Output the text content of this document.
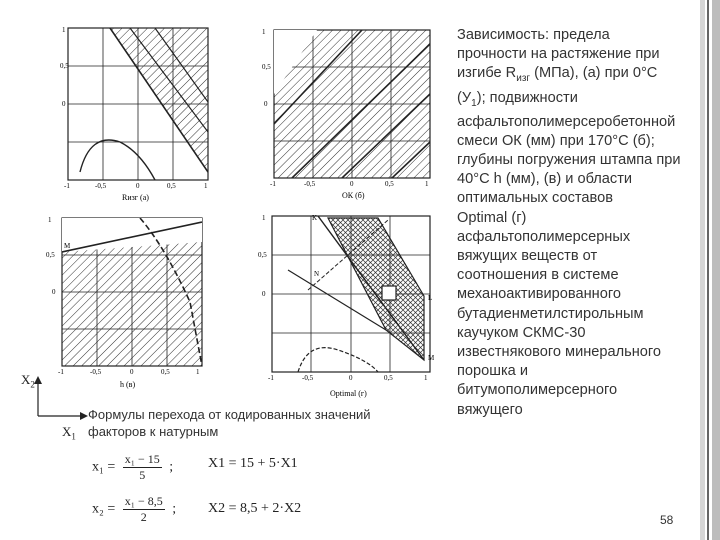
1
0,5
0
-1	-0,5	0	0,5	1
Rизг (а)
1
0,5
0
-1	-0,5	0	0,5	1
ОК (б)
1
0,5
0
-1	-0,5	0	0,5	1
M
h (в)
K
N
L
M
1
0,5
0
-1	-0,5	0	0,5	1
Optimal (г)
$X_2$
$X_1$
Зависимость: предела
прочности на растяжение при
изгибе $R_{изг}$ (МПа), (а) при 0°С
$(У_1)$; подвижности
асфальтополимерсеробетонной
смеси ОК (мм) при 170°С (б);
глубины погружения штампа при
40°С h (мм), (в) и области
оптимальных составов
Optimal (г)
асфальтополимерсерных
вяжущих веществ от
соотношения в системе
механоактивированного
бутадиенметилстирольным
каучуком СКМС-30
известнякового минерального
порошка и
битумополимерсерного
вяжущего
Формулы перехода от кодированных значений
факторов к натурным
$x_1 = \frac{\text{x₁ − 15}}{5}$ ; X1 = 15 + 5·X1
$x_2 = \frac{\text{x₁ − 8,5}}{2}$ ; X2 = 8,5 + 2·X2
58
